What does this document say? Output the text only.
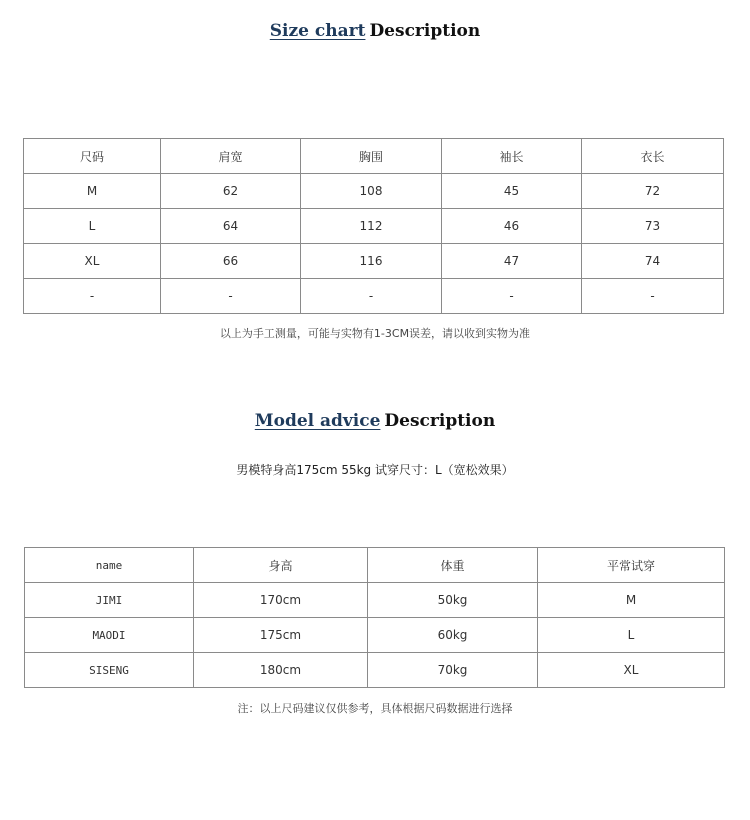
Size chart Description
尺码	肩宽	胸围	袖长	衣长
M	62	108	45	72
L	64	112	46	73
XL	66	116	47	74
-	-	-	-	-
以上为手工测量，可能与实物有1-3CM误差，请以收到实物为准
Model advice Description
男模特身高175cm 55kg 试穿尺寸：L（宽松效果）
name	身高	体重	平常试穿
JIMI	170cm	50kg	M
MAODI	175cm	60kg	L
SISENG	180cm	70kg	XL
注：以上尺码建议仅供参考，具体根据尺码数据进行选择
